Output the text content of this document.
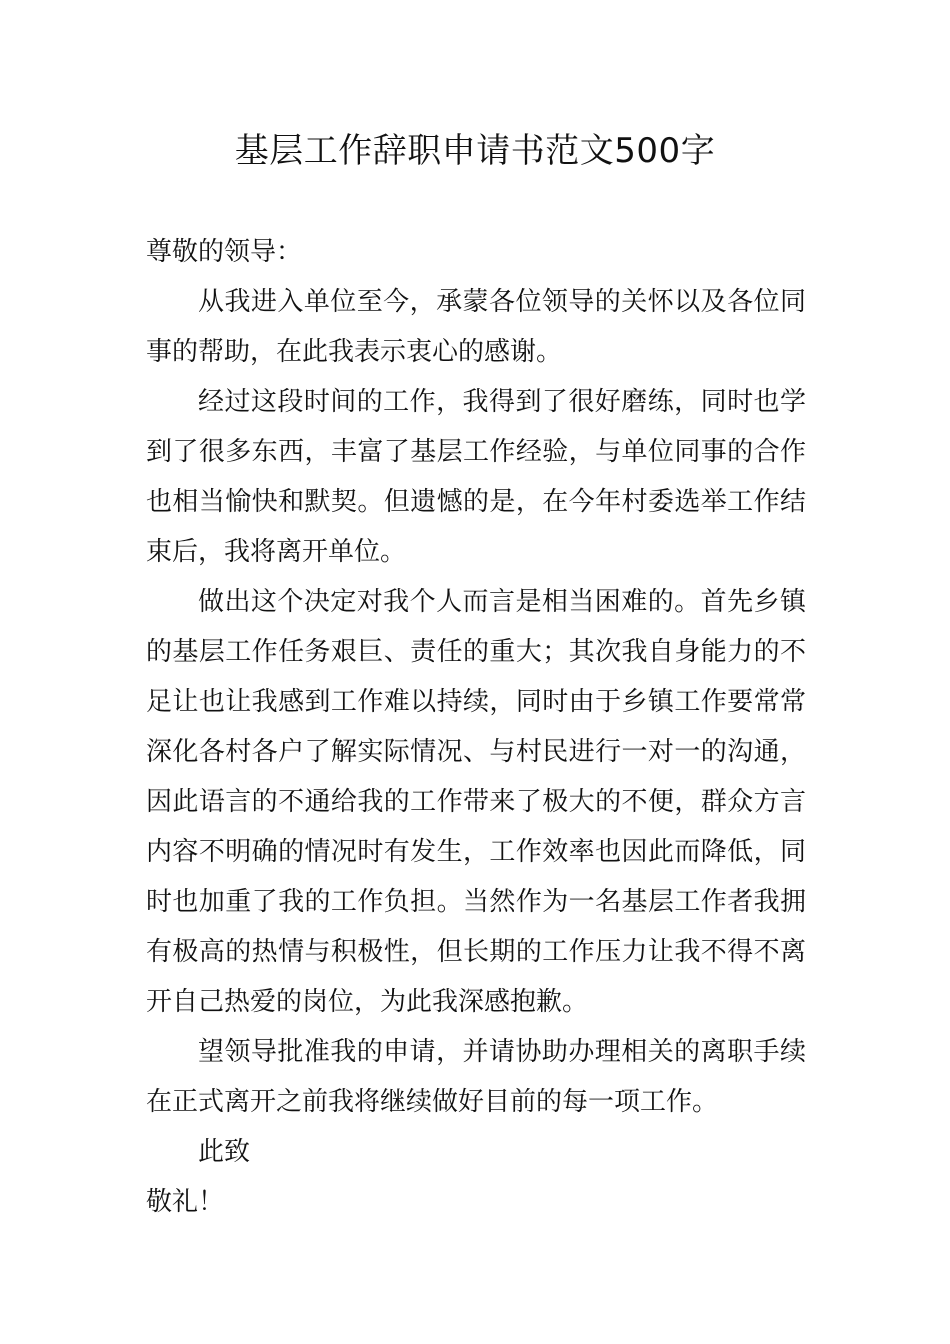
基层工作辞职申请书范文500字

尊敬的领导：

从我进入单位至今，承蒙各位领导的关怀以及各位同事的帮助，在此我表示衷心的感谢。

经过这段时间的工作，我得到了很好磨练，同时也学到了很多东西，丰富了基层工作经验，与单位同事的合作也相当愉快和默契。但遗憾的是，在今年村委选举工作结束后，我将离开单位。

做出这个决定对我个人而言是相当困难的。首先乡镇的基层工作任务艰巨、责任的重大；其次我自身能力的不足让也让我感到工作难以持续，同时由于乡镇工作要常常深化各村各户了解实际情况、与村民进行一对一的沟通，因此语言的不通给我的工作带来了极大的不便，群众方言内容不明确的情况时有发生，工作效率也因此而降低，同时也加重了我的工作负担。当然作为一名基层工作者我拥有极高的热情与积极性，但长期的工作压力让我不得不离开自己热爱的岗位，为此我深感抱歉。

望领导批准我的申请，并请协助办理相关的离职手续在正式离开之前我将继续做好目前的每一项工作。

此致

敬礼！
